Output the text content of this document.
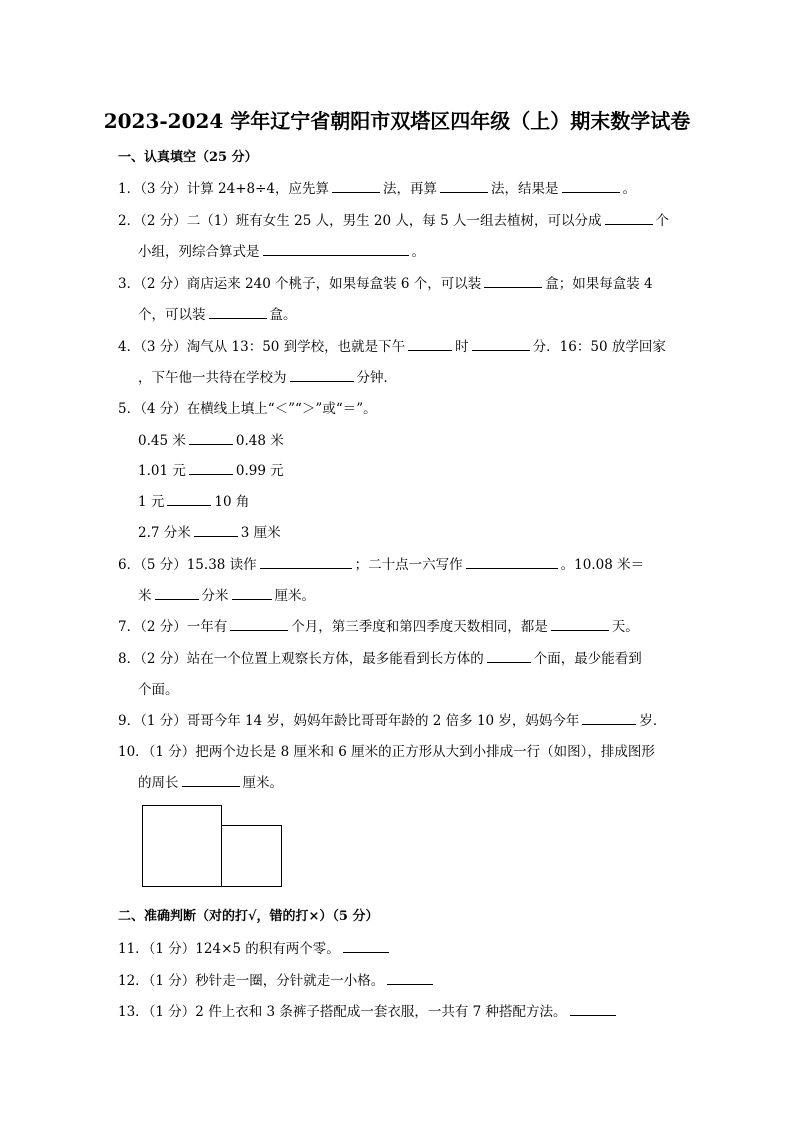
2023-2024 学年辽宁省朝阳市双塔区四年级（上）期末数学试卷
一、认真填空（25 分）
1．（3 分）计算 24+8÷4，应先算	法，再算	法，结果是	。
2．（2 分）二（1）班有女生 25 人，男生 20 人，每 5 人一组去植树，可以分成	个
小组，列综合算式是	。
3．（2 分）商店运来 240 个桃子，如果每盒装 6 个，可以装	盒；如果每盒装 4
个，可以装	盒。
4．（3 分）淘气从 13：50 到学校，也就是下午	时	分．16：50 放学回家
，下午他一共待在学校为	分钟．
5．（4 分）在横线上填上“＜”“＞”或“＝”。
0.45 米	0.48 米
1.01 元	0.99 元
1 元	10 角
2.7 分米	3 厘米
6．（5 分）15.38 读作	；二十点一六写作	。10.08 米＝
米	分米	厘米。
7．（2 分）一年有	个月，第三季度和第四季度天数相同，都是	天。
8．（2 分）站在一个位置上观察长方体，最多能看到长方体的	个面，最少能看到
个面。
9．（1 分）哥哥今年 14 岁，妈妈年龄比哥哥年龄的 2 倍多 10 岁，妈妈今年	岁．
10．（1 分）把两个边长是 8 厘米和 6 厘米的正方形从大到小排成一行（如图），排成图形
的周长	厘米。
二、准确判断（对的打√，错的打×）（5 分）
11．（1 分）124×5 的积有两个零。
12．（1 分）秒针走一圈，分针就走一小格。
13．（1 分）2 件上衣和 3 条裤子搭配成一套衣服，一共有 7 种搭配方法。
